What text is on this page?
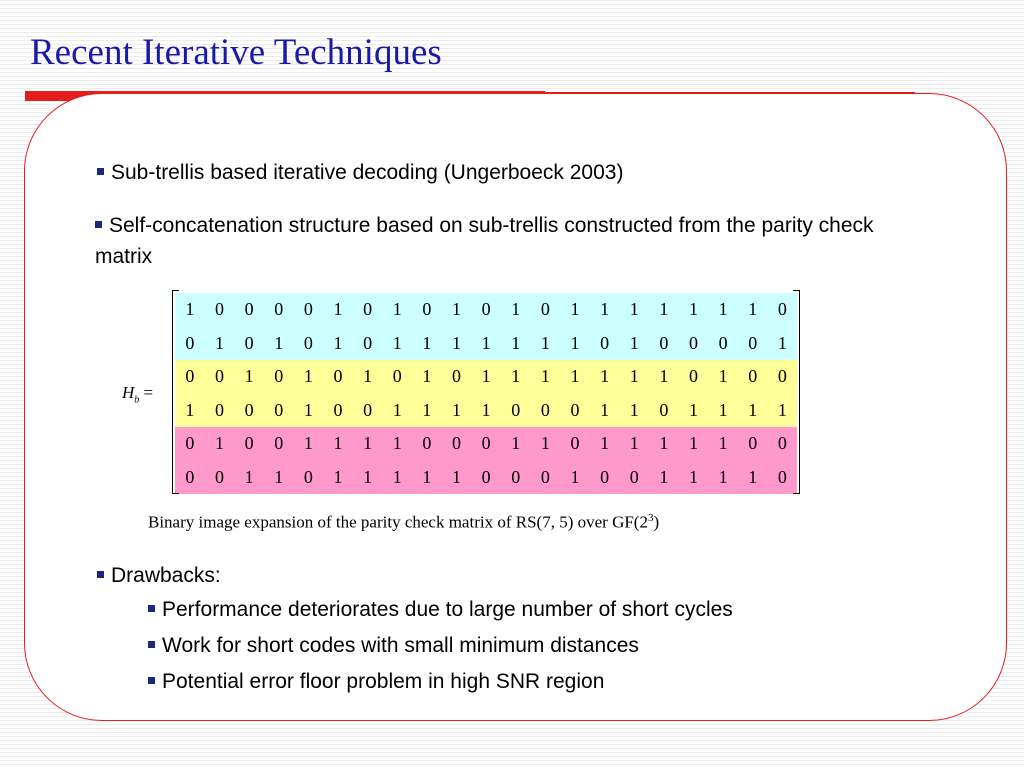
Recent Iterative Techniques
Sub-trellis based iterative decoding (Ungerboeck 2003)
Self-concatenation structure based on sub-trellis constructed from the parity check matrix
$H_b$ =
1	0	0	0	0	1	0	1	0	1	0	1	0	1	1	1	1	1	1	1	0
0	1	0	1	0	1	0	1	1	1	1	1	1	1	0	1	0	0	0	0	1
0	0	1	0	1	0	1	0	1	0	1	1	1	1	1	1	1	0	1	0	0
1	0	0	0	1	0	0	1	1	1	1	0	0	0	1	1	0	1	1	1	1
0	1	0	0	1	1	1	1	0	0	0	1	1	0	1	1	1	1	1	0	0
0	0	1	1	0	1	1	1	1	1	0	0	0	1	0	0	1	1	1	1	0
Binary image expansion of the parity check matrix of RS(7, 5) over $GF(2^3)$
Drawbacks:
Performance deteriorates due to large number of short cycles
Work for short codes with small minimum distances
Potential error floor problem in high SNR region
